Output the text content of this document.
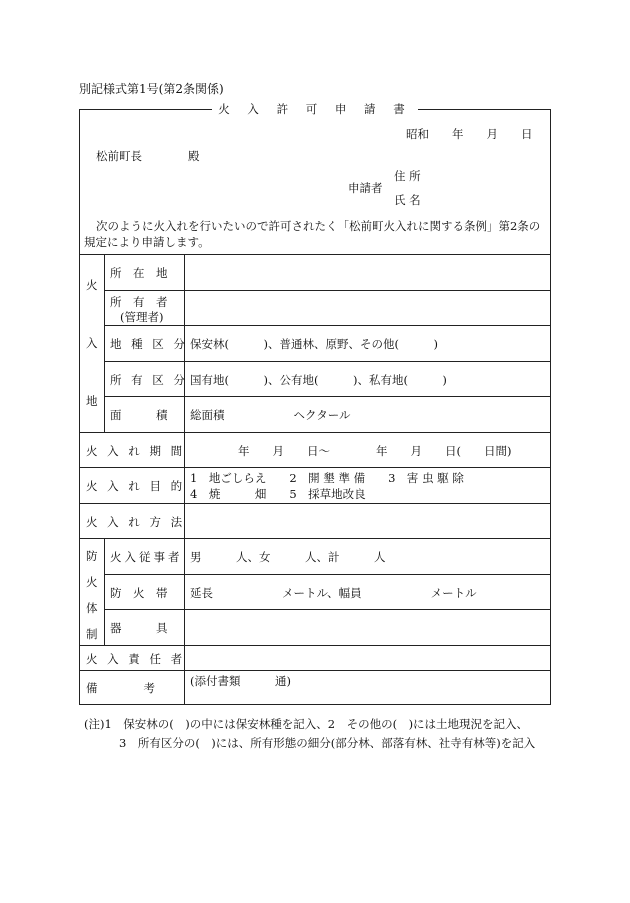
別記様式第1号(第2条関係)
火 入 許 可 申 請 書
昭和　　年　　月　　日
松前町長　　　　殿
住 所
申請者
氏 名
次のように火入れを行いたいので許可されたく「松前町火入れに関する条例」第2条の
規定により申請します。
火
入
地
所　在　地
所　有　者
(管理者)
地 種 区 分 保安林(　　　)、普通林、原野、その他(　　　)
所 有 区 分 国有地(　　　)、公有地(　　　)、私有地(　　　)
面　　　積 総面積　　　　　　ヘクタール
火 入 れ 期 間	年　　月　　日〜　　　　年　　月　　日(　　日間)
火 入 れ 目 的
1　地ごしらえ　　2　開 墾 準 備　　3　害 虫 駆 除
4　焼　　　畑　　5　採草地改良
火 入 れ 方 法
防
火
体
制
火入従事者 男　　　人、女　　　人、計　　　人
防　火　帯 延長　　　　　　メートル、幅員　　　　　　メートル
器　　　具
火 入 責 任 者
備　　　　考	(添付書類　　　通)
(注)1　保安林の(　)の中には保安林種を記入、2　その他の(　)には土地現況を記入、
3　所有区分の(　)には、所有形態の細分(部分林、部落有林、社寺有林等)を記入
